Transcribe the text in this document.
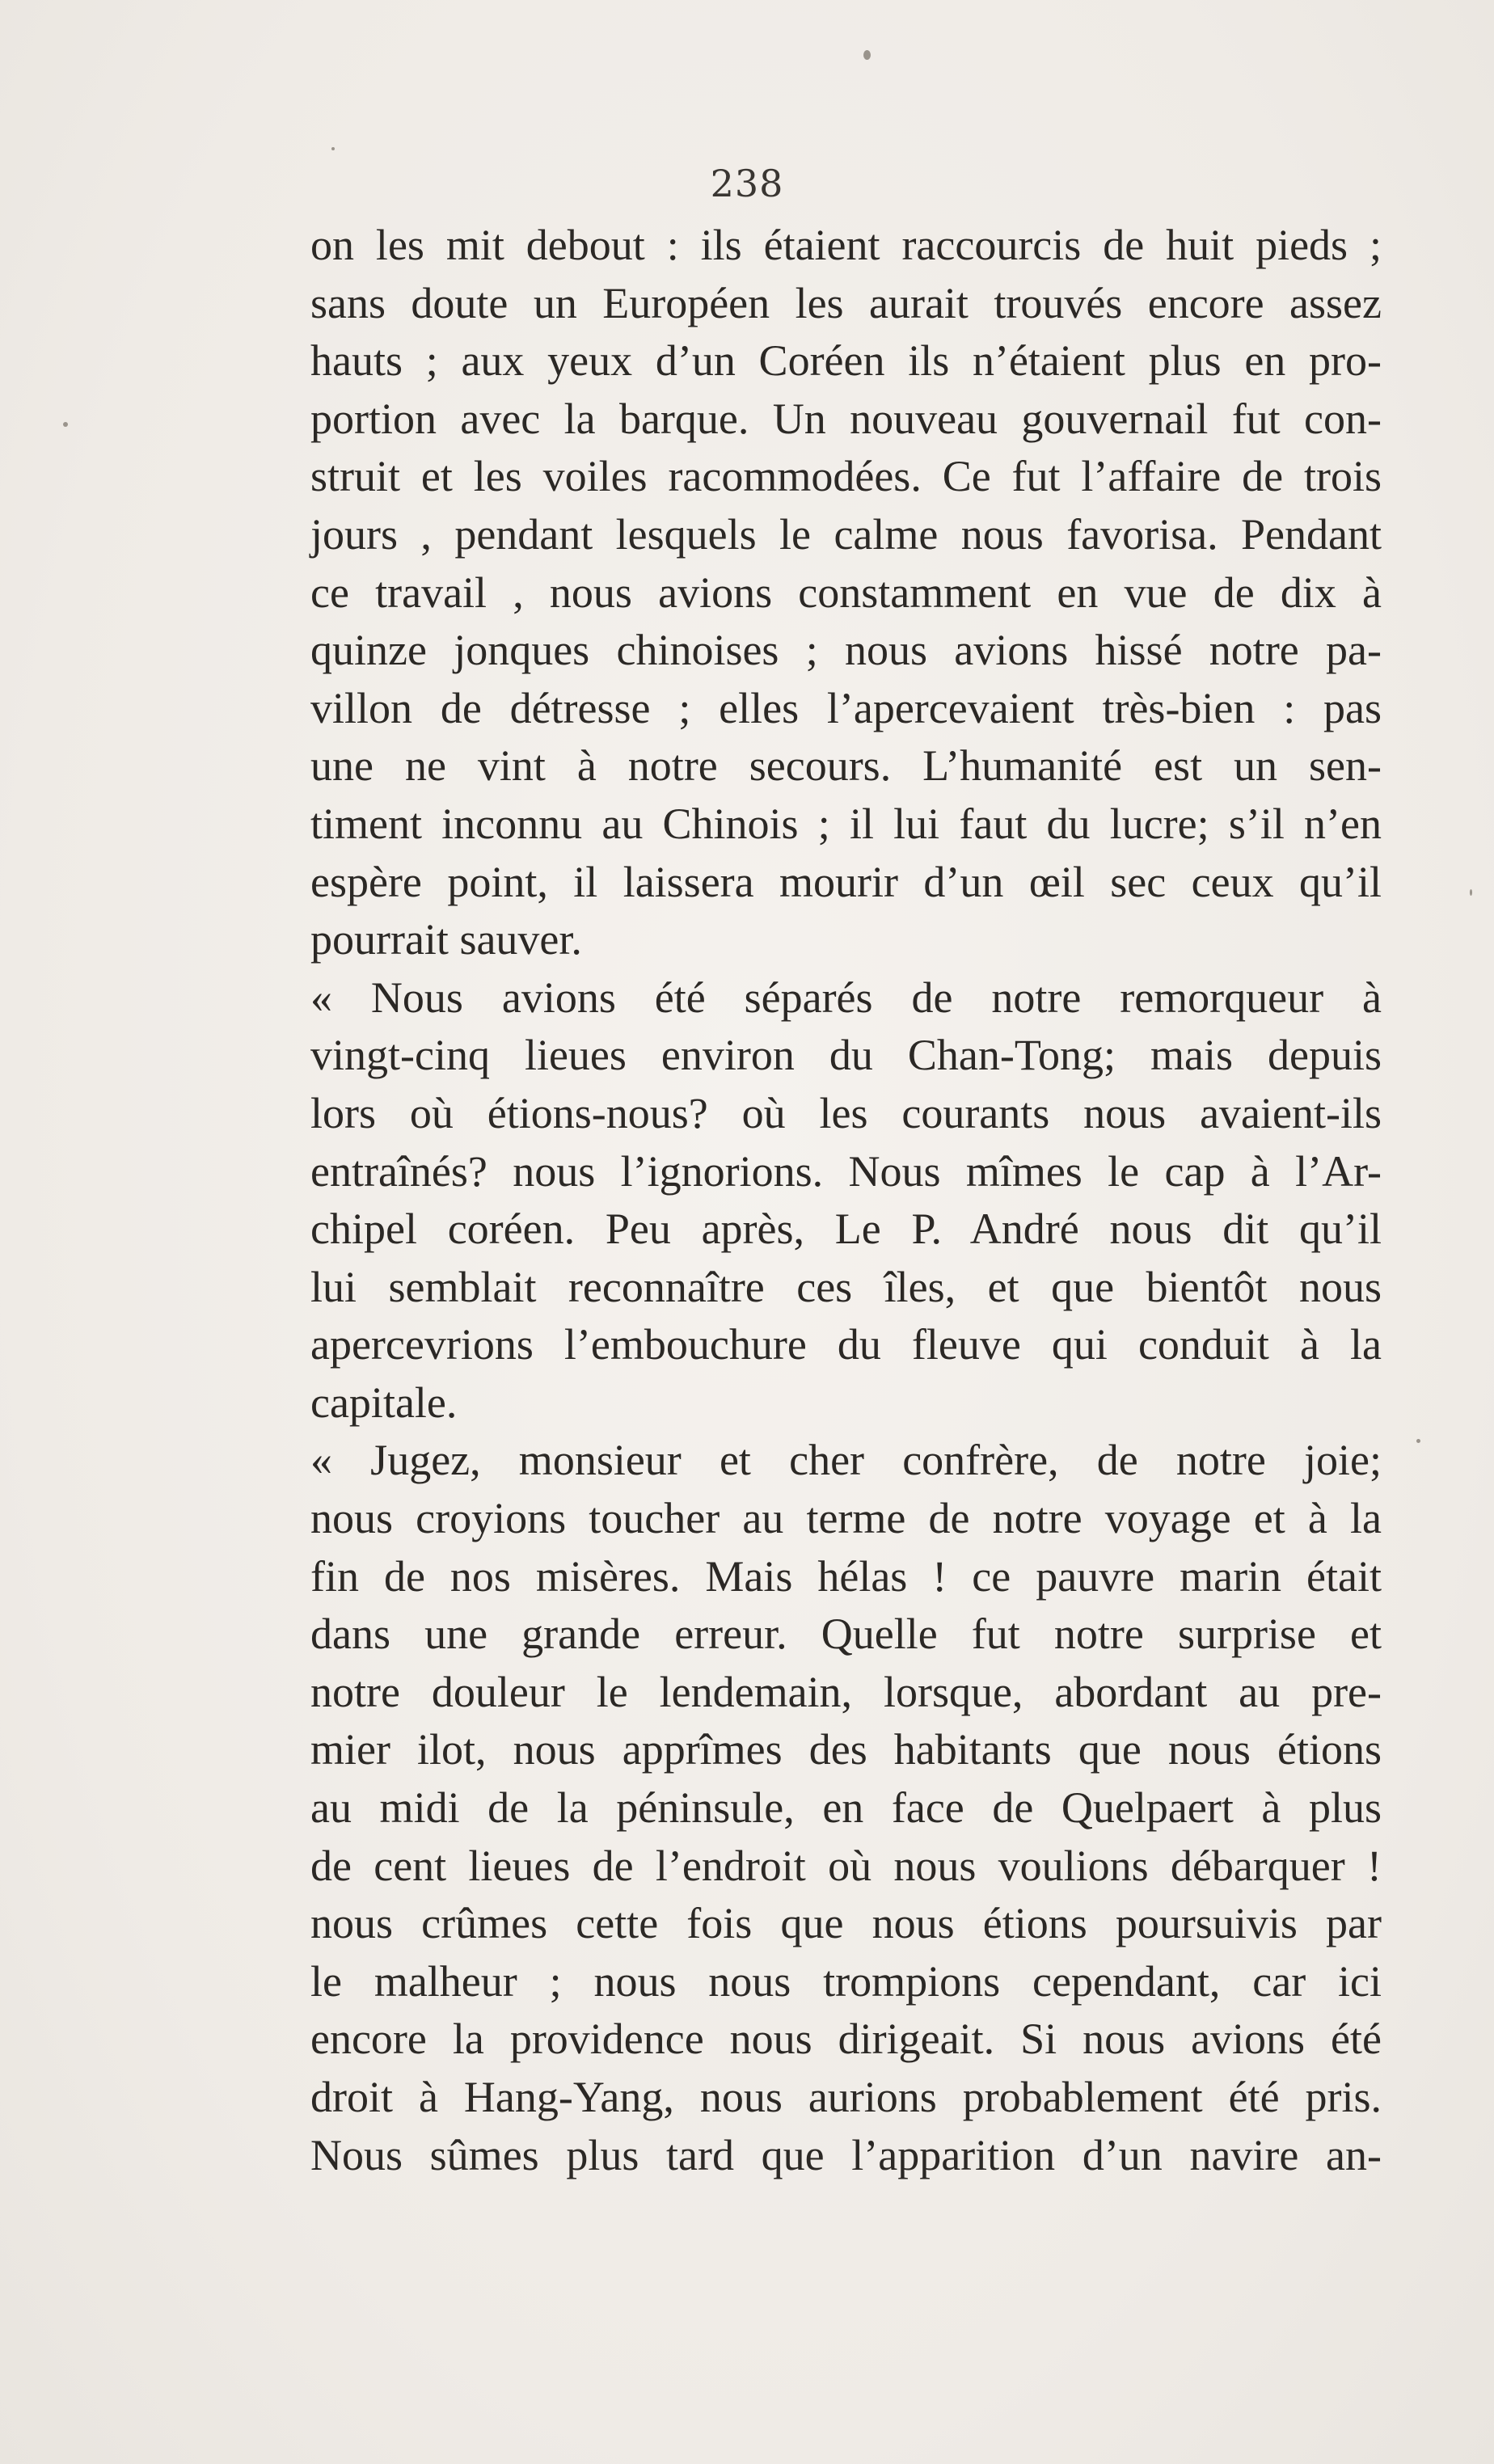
238
on les mit debout : ils étaient raccourcis de huit pieds ;
sans doute un Européen les aurait trouvés encore assez
hauts ; aux yeux d’un Coréen ils n’étaient plus en pro-
portion avec la barque. Un nouveau gouvernail fut con-
struit et les voiles racommodées. Ce fut l’affaire de trois
jours , pendant lesquels le calme nous favorisa. Pendant
ce travail , nous avions constamment en vue de dix à
quinze jonques chinoises ; nous avions hissé notre pa-
villon de détresse ; elles l’apercevaient très-bien : pas
une ne vint à notre secours. L’humanité est un sen-
timent inconnu au Chinois ; il lui faut du lucre; s’il n’en
espère point, il laissera mourir d’un œil sec ceux qu’il
pourrait sauver.
« Nous avions été séparés de notre remorqueur à
vingt-cinq lieues environ du Chan-Tong; mais depuis
lors où étions-nous? où les courants nous avaient-ils
entraînés? nous l’ignorions. Nous mîmes le cap à l’Ar-
chipel coréen. Peu après, Le P. André nous dit qu’il
lui semblait reconnaître ces îles, et que bientôt nous
apercevrions l’embouchure du fleuve qui conduit à la
capitale.
« Jugez, monsieur et cher confrère, de notre joie;
nous croyions toucher au terme de notre voyage et à la
fin de nos misères. Mais hélas ! ce pauvre marin était
dans une grande erreur. Quelle fut notre surprise et
notre douleur le lendemain, lorsque, abordant au pre-
mier ilot, nous apprîmes des habitants que nous étions
au midi de la péninsule, en face de Quelpaert à plus
de cent lieues de l’endroit où nous voulions débarquer !
nous crûmes cette fois que nous étions poursuivis par
le malheur ; nous nous trompions cependant, car ici
encore la providence nous dirigeait. Si nous avions été
droit à Hang-Yang, nous aurions probablement été pris.
Nous sûmes plus tard que l’apparition d’un navire an-
